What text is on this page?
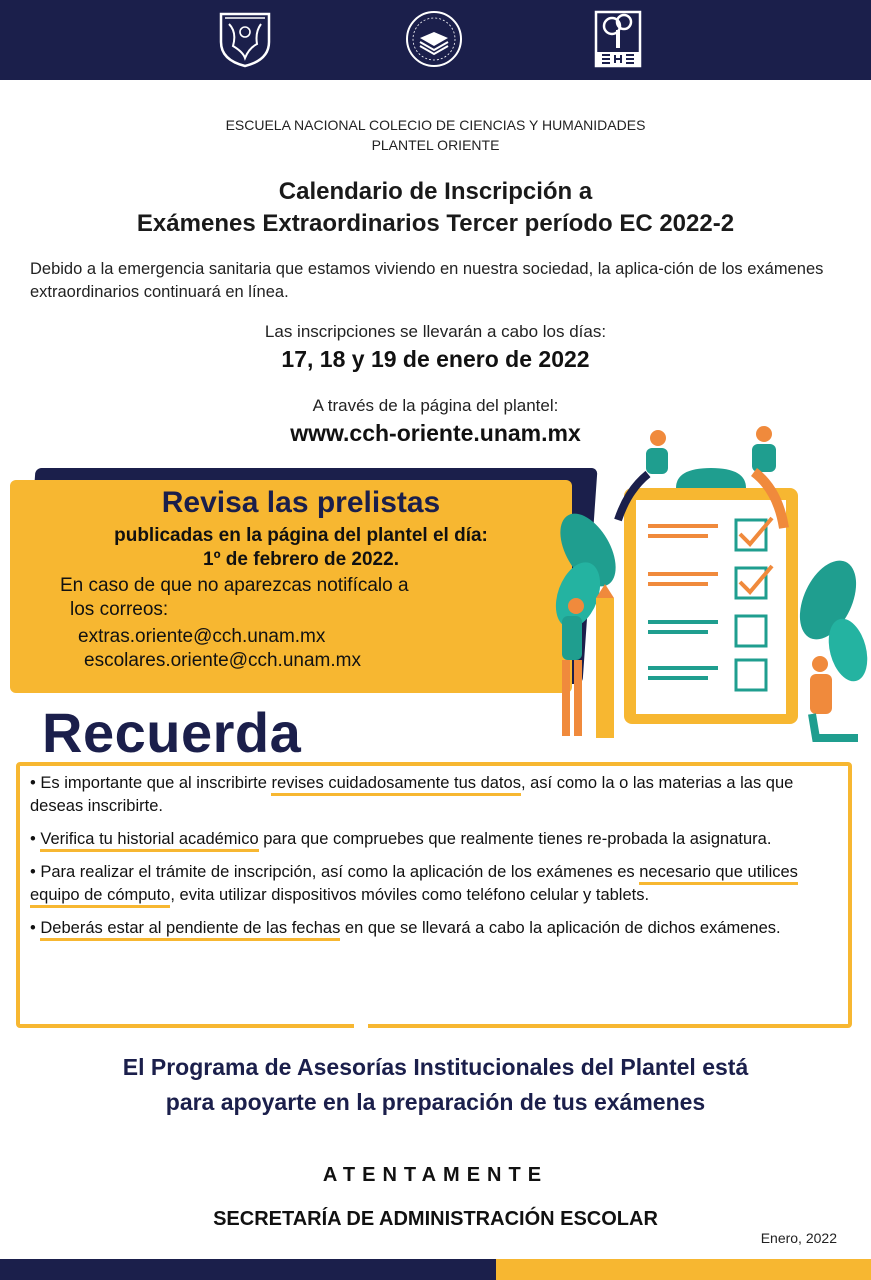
ESCUELA NACIONAL COLECIO DE CIENCIAS Y HUMANIDADES
PLANTEL ORIENTE
Calendario de Inscripción a
Exámenes Extraordinarios Tercer período EC 2022-2
Debido a la emergencia sanitaria que estamos viviendo en nuestra sociedad, la aplica-ción de los exámenes extraordinarios continuará en línea.
Las inscripciones se llevarán a cabo los días:
17, 18 y 19 de enero de 2022
A través de la página del plantel:
www.cch-oriente.unam.mx
Revisa las prelistas
publicadas en la página del plantel el día:
1º de febrero de 2022.
En caso de que no aparezcas notifícalo a
los correos:
extras.oriente@cch.unam.mx
escolares.oriente@cch.unam.mx
Recuerda

• Es importante que al inscribirte revises cuidadosamente tus datos, así como la o las materias a las que deseas inscribirte.

• Verifica tu historial académico para que compruebes que realmente tienes re-probada la asignatura.

• Para realizar el trámite de inscripción, así como la aplicación de los exámenes es necesario que utilices equipo de cómputo, evita utilizar dispositivos móviles como teléfono celular y tablets.

• Deberás estar al pendiente de las fechas en que se llevará a cabo la aplicación de dichos exámenes.

El Programa de Asesorías Institucionales del Plantel está
para apoyarte en la preparación de tus exámenes
ATENTAMENTE
SECRETARÍA DE ADMINISTRACIÓN ESCOLAR
Enero, 2022
